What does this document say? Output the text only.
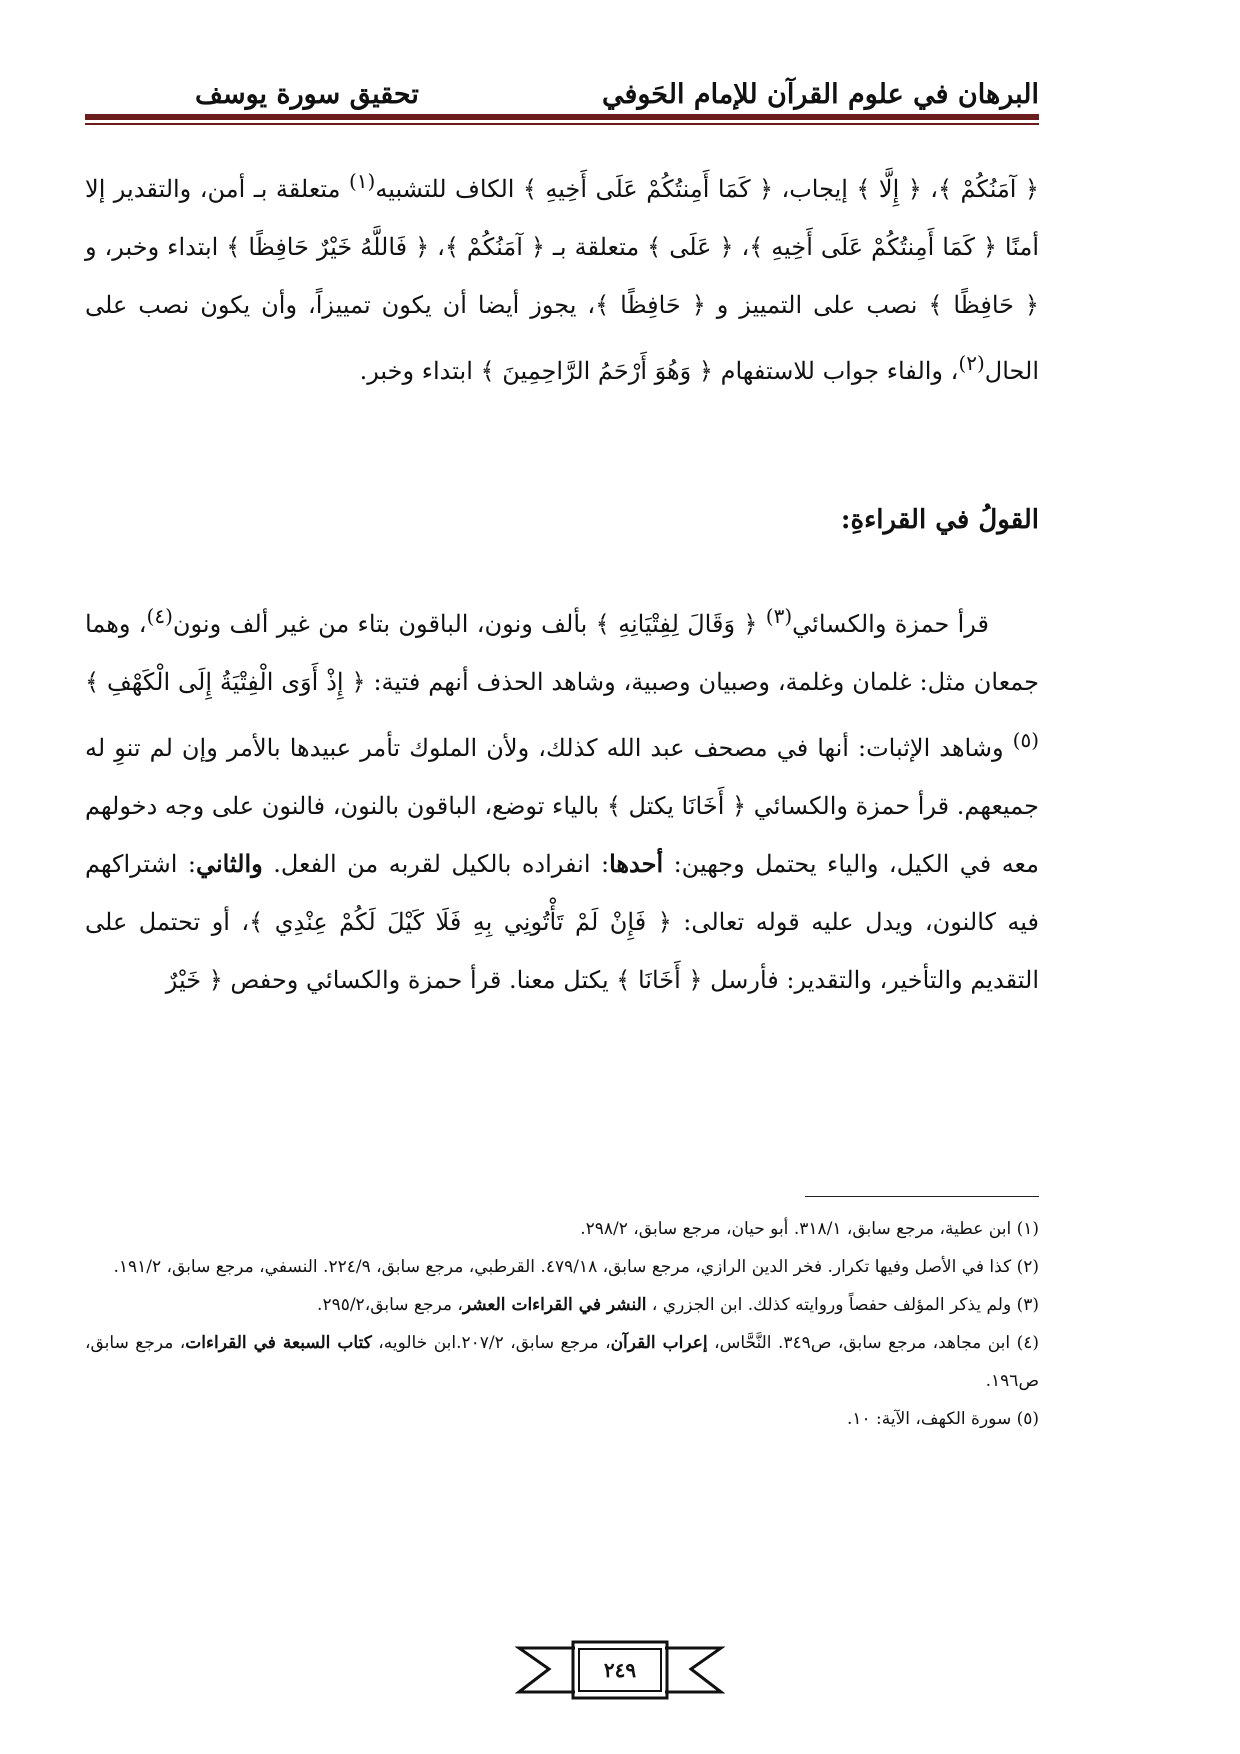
البرهان في علوم القرآن للإمام الحَوفي
تحقيق سورة يوسف

﴿ آمَنُكُمْ ﴾، ﴿ إِلَّا ﴾ إيجاب، ﴿ كَمَا أَمِنتُكُمْ عَلَى أَخِيهِ ﴾ الكاف للتشبيه$^{(١)}$ متعلقة بـ أمن، والتقدير إلا أمنًا ﴿ كَمَا أَمِنتُكُمْ عَلَى أَخِيهِ ﴾، ﴿ عَلَى ﴾ متعلقة بـ ﴿ آمَنُكُمْ ﴾، ﴿ فَاللَّهُ خَيْرٌ حَافِظًا ﴾ ابتداء وخبر، و ﴿ حَافِظًا ﴾ نصب على التمييز و ﴿ حَافِظًا ﴾، يجوز أيضا أن يكون تمييزاً، وأن يكون نصب على الحال$^{(٢)}$، والفاء جواب للاستفهام ﴿ وَهُوَ أَرْحَمُ الرَّاحِمِينَ ﴾ ابتداء وخبر.

القولُ في القراءةِ:

قرأ حمزة والكسائي$^{(٣)}$ ﴿ وَقَالَ لِفِتْيَانِهِ ﴾ بألف ونون، الباقون بتاء من غير ألف ونون$^{(٤)}$، وهما جمعان مثل: غلمان وغلمة، وصبيان وصبية، وشاهد الحذف أنهم فتية: ﴿ إِذْ أَوَى الْفِتْيَةُ إِلَى الْكَهْفِ ﴾$^{(٥)}$ وشاهد الإثبات: أنها في مصحف عبد الله كذلك، ولأن الملوك تأمر عبيدها بالأمر وإن لم تنوِ له جميعهم. قرأ حمزة والكسائي ﴿ أَخَانَا يكتل ﴾ بالياء توضع، الباقون بالنون، فالنون على وجه دخولهم معه في الكيل، والياء يحتمل وجهين: أحدها: انفراده بالكيل لقربه من الفعل. والثاني: اشتراكهم فيه كالنون، ويدل عليه قوله تعالى: ﴿ فَإِنْ لَمْ تَأْتُونِي بِهِ فَلَا كَيْلَ لَكُمْ عِنْدِي ﴾، أو تحتمل على التقديم والتأخير، والتقدير: فأرسل ﴿ أَخَانَا ﴾ يكتل معنا. قرأ حمزة والكسائي وحفص ﴿ خَيْرٌ

(١) ابن عطية، مرجع سابق، ٣١٨/١. أبو حيان، مرجع سابق، ٢٩٨/٢.
(٢) كذا في الأصل وفيها تكرار. فخر الدين الرازي، مرجع سابق، ٤٧٩/١٨. القرطبي، مرجع سابق، ٢٢٤/٩. النسفي، مرجع سابق، ١٩١/٢.
(٣) ولم يذكر المؤلف حفصاً وروايته كذلك. ابن الجزري ، النشر في القراءات العشر، مرجع سابق،٢٩٥/٢.
(٤) ابن مجاهد، مرجع سابق، ص٣٤٩. النَّحَّاس، إعراب القرآن، مرجع سابق، ٢٠٧/٢.ابن خالويه، كتاب السبعة في القراءات، مرجع سابق، ص١٩٦.
(٥) سورة الكهف، الآية: ١٠.
٢٤٩
